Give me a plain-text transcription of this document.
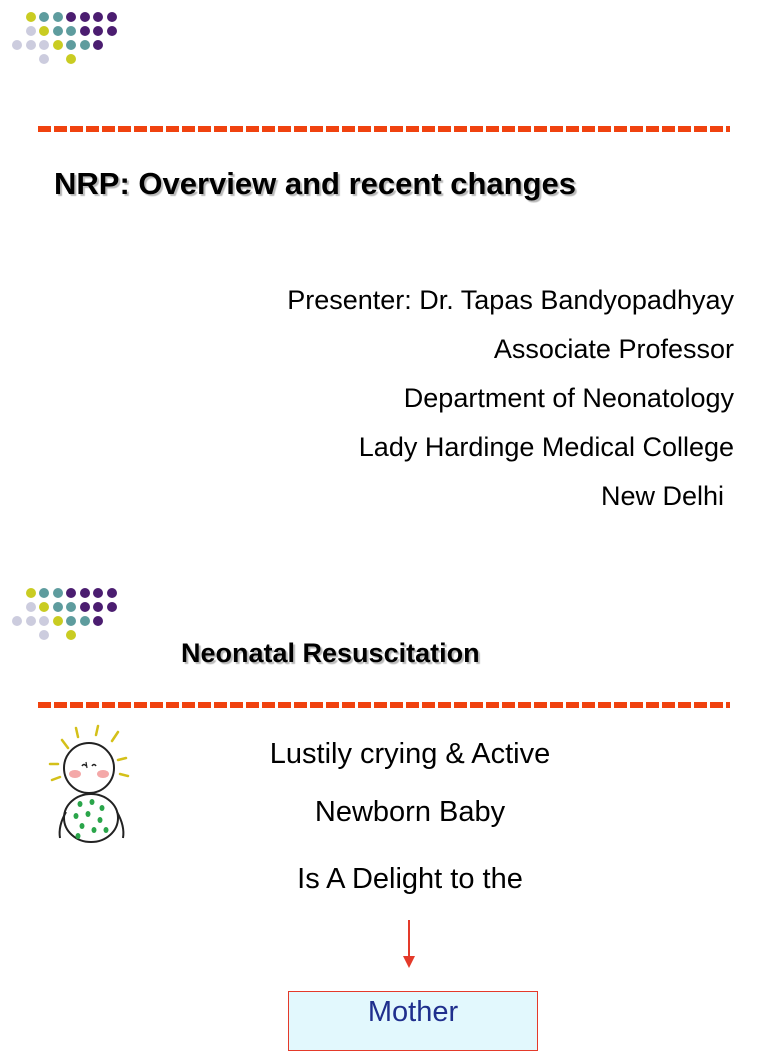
NRP: Overview and recent changes
Presenter: Dr. Tapas Bandyopadhyay
Associate Professor
Department of Neonatology
Lady Hardinge Medical College
New Delhi
Neonatal Resuscitation
Lustily crying & Active
Newborn Baby
Is A Delight to the
Mother
